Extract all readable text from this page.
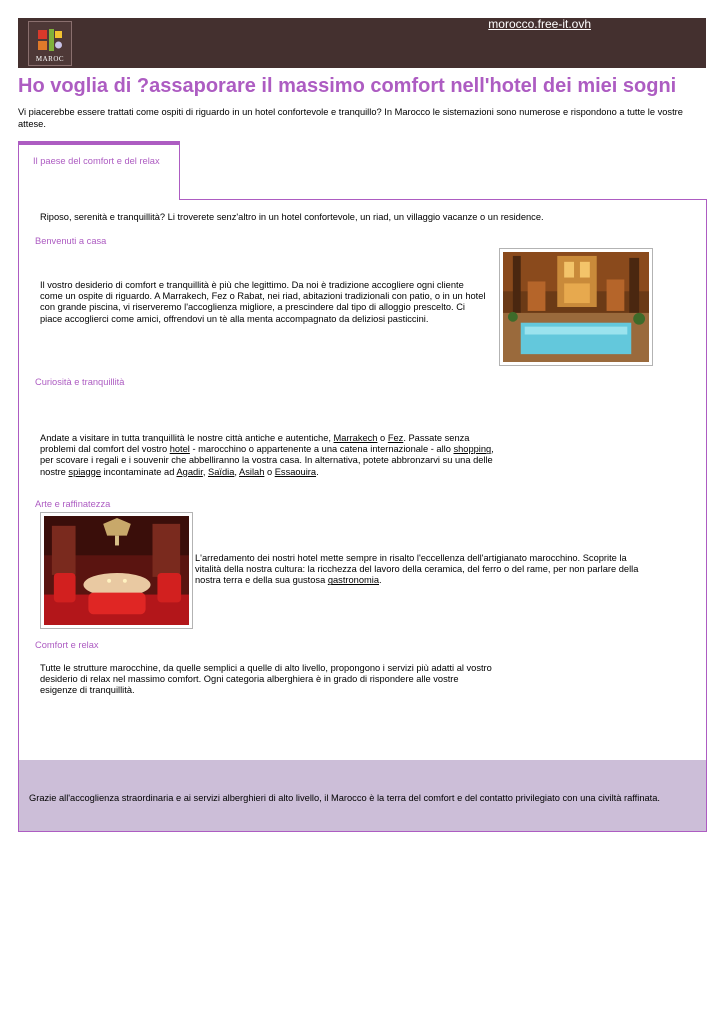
MAROC
morocco.free-it.ovh
Ho voglia di ?assaporare il massimo comfort nell'hotel dei miei sogni

Vi piacerebbe essere trattati come ospiti di riguardo in un hotel confortevole e tranquillo? In Marocco le sistemazioni sono numerose e rispondono a tutte le vostre attese.

Il paese del comfort e del relax

Riposo, serenità e tranquillità? Li troverete senz'altro in un hotel confortevole, un riad, un villaggio vacanze o un residence.

Benvenuti a casa

Il vostro desiderio di comfort e tranquillità è più che legittimo. Da noi è tradizione accogliere ogni cliente come un ospite di riguardo. A Marrakech, Fez o Rabat, nei riad, abitazioni tradizionali con patio, o in un hotel con grande piscina, vi riserveremo l'accoglienza migliore, a prescindere dal tipo di alloggio prescelto. Ci piace accoglierci come amici, offrendovi un tè alla menta accompagnato da deliziosi pasticcini.

Curiosità e tranquillità

Andate a visitare in tutta tranquillità le nostre città antiche e autentiche, Marrakech o Fez. Passate senza problemi dal comfort del vostro hotel - marocchino o appartenente a una catena internazionale - allo shopping, per scovare i regali e i souvenir che abbelliranno la vostra casa. In alternativa, potete abbronzarvi su una delle nostre spiagge incontaminate ad Agadir, Saïdia, Asilah o Essaouira.

Arte e raffinatezza

L'arredamento dei nostri hotel mette sempre in risalto l'eccellenza dell'artigianato marocchino. Scoprite la vitalità della nostra cultura: la ricchezza del lavoro della ceramica, del ferro o del rame, per non parlare della nostra terra e della sua gustosa gastronomia.

Comfort e relax

Tutte le strutture marocchine, da quelle semplici a quelle di alto livello, propongono i servizi più adatti al vostro desiderio di relax nel massimo comfort. Ogni categoria alberghiera è in grado di rispondere alle vostre esigenze di tranquillità.

Grazie all'accoglienza straordinaria e ai servizi alberghieri di alto livello, il Marocco è la terra del comfort e del contatto privilegiato con una civiltà raffinata.
